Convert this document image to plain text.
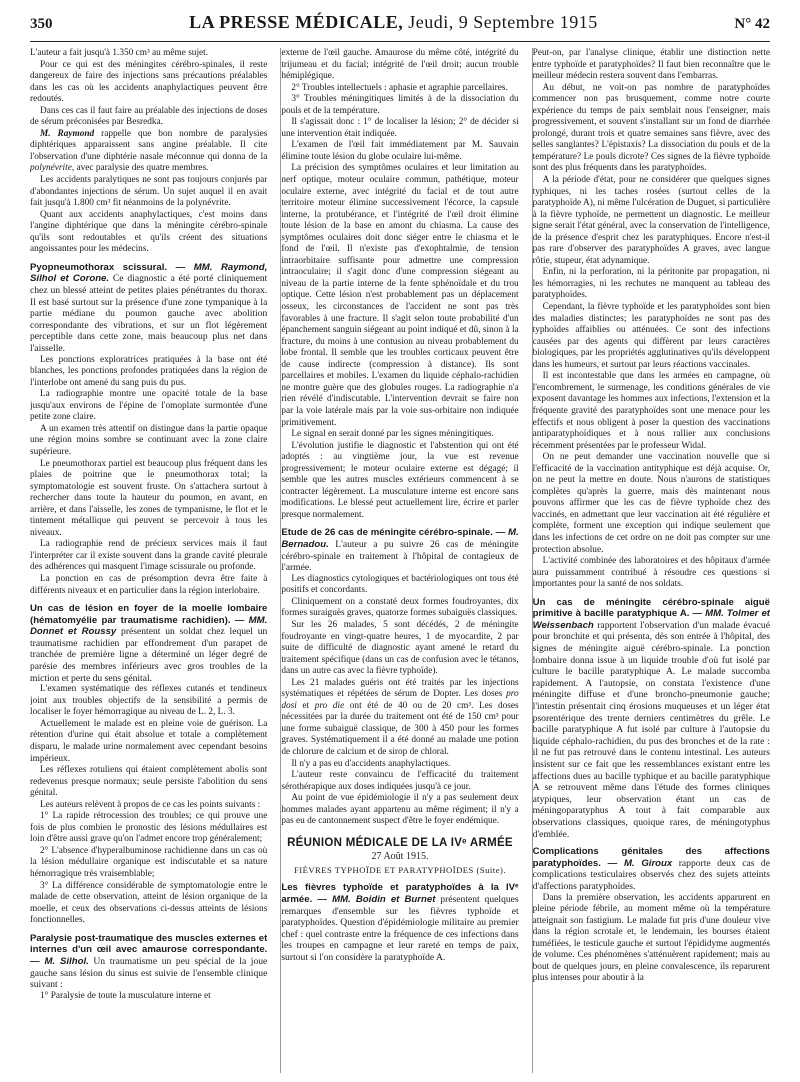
350	LA PRESSE MÉDICALE, Jeudi, 9 Septembre 1915	N° 42

L'auteur a fait jusqu'à 1.350 cm³ au même sujet.

Pour ce qui est des méningites cérébro-spinales, il reste dangereux de faire des injections sans précautions préalables dans les cas où les accidents anaphylactiques peuvent être redoutés.

Dans ces cas il faut faire au préalable des injections de doses de sérum préconisées par Besredka.

M. Raymond rappelle que bon nombre de paralysies diphtériques apparaissent sans angine préalable. Il cite l'observation d'une diphtérie nasale méconnue qui donna de la polynévrite, avec paralysie des quatre membres.

Les accidents paralytiques ne sont pas toujours conjurés par d'abondantes injections de sérum. Un sujet auquel il en avait fait jusqu'à 1.800 cm³ fit néanmoins de la polynévrite.

Quant aux accidents anaphylactiques, c'est moins dans l'angine diphtérique que dans la méningite cérébro-spinale qu'ils sont redoutables et qu'ils créent des situations angoissantes pour les médecins.

Pyopneumothorax scissural. — MM. Raymond, Silhol et Corone. Ce diagnostic a été porté cliniquement chez un blessé atteint de petites plaies pénétrantes du thorax. Il est basé surtout sur la présence d'une zone tympanique à la partie médiane du poumon gauche avec abolition correspondante des vibrations, et sur un flot légèrement perceptible dans cette zone, mais beaucoup plus net dans l'aisselle.

Les ponctions exploratrices pratiquées à la base ont été blanches, les ponctions profondes pratiquées dans la région de l'interlobe ont amené du sang puis du pus.

La radiographie montre une opacité totale de la base jusqu'aux environs de l'épine de l'omoplate surmontée d'une petite zone claire.

A un examen très attentif on distingue dans la partie opaque une région moins sombre se continuant avec la zone claire supérieure.

Le pneumothorax partiel est beaucoup plus fréquent dans les plaies de poitrine que le pneumothorax total; la symptomatologie est souvent fruste. On s'attachera surtout à rechercher dans toute la hauteur du poumon, en avant, en arrière, et dans l'aisselle, les zones de tympanisme, le flot et le tintement métallique qui peuvent se percevoir à tous les niveaux.

La radiographie rend de précieux services mais il faut l'interpréter car il existe souvent dans la grande cavité pleurale des adhérences qui masquent l'image scissurale ou profonde.

La ponction en cas de présomption devra être faite à différents niveaux et en particulier dans la région interlobaire.

Un cas de lésion en foyer de la moelle lombaire (hématomyélie par traumatisme rachidien). — MM. Donnet et Roussy présentent un soldat chez lequel un traumatisme rachidien par effondrement d'un parapet de tranchée de première ligne a déterminé un léger degré de parésie des membres inférieurs avec gros troubles de la miction et perte du sens génital.

L'examen systématique des réflexes cutanés et tendineux joint aux troubles objectifs de la sensibilité a permis de localiser le foyer hémorragique au niveau de L. 2, L. 3.

Actuellement le malade est en pleine voie de guérison. La rétention d'urine qui était absolue et totale a complètement disparu, le malade urine normalement avec cependant besoins impérieux.

Les réflexes rotuliens qui étaient complètement abolis sont redevenus presque normaux; seule persiste l'abolition du sens génital.

Les auteurs relèvent à propos de ce cas les points suivants :

1° La rapide rétrocession des troubles; ce qui prouve une fois de plus combien le pronostic des lésions médullaires est loin d'être aussi grave qu'on l'admet encore trop généralement;

2° L'absence d'hyperalbuminose rachidienne dans un cas où la lésion médullaire organique est indiscutable et sa nature hémorragique très vraisemblable;

3° La différence considérable de symptomatologie entre le malade de cette observation, atteint de lésion organique de la moelle, et ceux des observations ci-dessus atteints de lésions fonctionnelles.

Paralysie post-traumatique des muscles externes et internes d'un œil avec amaurose correspondante. — M. Silhol. Un traumatisme un peu spécial de la joue gauche sans lésion du sinus est suivie de l'ensemble clinique suivant :

1° Paralysie de toute la musculature interne et

externe de l'œil gauche. Amaurose du même côté, intégrité du trijumeau et du facial; intégrité de l'œil droit; aucun trouble hémiplégique.

2° Troubles intellectuels : aphasie et agraphie parcellaires.

3° Troubles méningitiques limités à de la dissociation du pouls et de la température.

Il s'agissait donc : 1° de localiser la lésion; 2° de décider si une intervention était indiquée.

L'examen de l'œil fait immédiatement par M. Sauvain élimine toute lésion du globe oculaire lui-même.

La précision des symptômes oculaires et leur limitation au nerf optique, moteur oculaire commun, pathétique, moteur oculaire externe, avec intégrité du facial et de tout autre territoire moteur élimine successivement l'écorce, la capsule interne, la protubérance, et l'intégrité de l'œil droit élimine toute lésion de la base en amont du chiasma. La cause des symptômes oculaires doit donc siéger entre le chiasma et le fond de l'œil. Il n'existe pas d'exophtalmie, de tension intraorbitaire suffisante pour admettre une compression intraoculaire; il s'agit donc d'une compression siégeant au niveau de la partie interne de la fente sphénoïdale et du trou optique. Cette lésion n'est probablement pas un déplacement osseux, les circonstances de l'accident ne sont pas très favorables à une fracture. Il s'agit selon toute probabilité d'un épanchement sanguin siégeant au point indiqué et dû, sinon à la fracture, du moins à une contusion au niveau probablement du lobe frontal. Il semble que les troubles corticaux peuvent être de cause indirecte (compression à distance). Ils sont parcellaires et mobiles. L'examen du liquide céphalo-rachidien ne montre guère que des globules rouges. La radiographie n'a rien révélé d'indiscutable. L'intervention devrait se faire non par la voie latérale mais par la voie sus-orbitaire non indiquée primitivement.

Le signal en serait donné par les signes méningitiques.

L'évolution justifie le diagnostic et l'abstention qui ont été adoptés : au vingtième jour, la vue est revenue progressivement; le moteur oculaire externe est dégagé; il semble que les autres muscles extérieurs commencent à se contracter légèrement. La musculature interne est encore sans modifications. Le blessé peut actuellement lire, écrire et parler presque normalement.

Etude de 26 cas de méningite cérébro-spinale. — M. Bernadou. L'auteur a pu suivre 26 cas de méningite cérébro-spinale en traitement à l'hôpital de contagieux de l'armée.

Les diagnostics cytologiques et bactériologiques ont tous été positifs et concordants.

Cliniquement on a constaté deux formes foudroyantes, dix formes suraiguës graves, quatorze formes subaiguës classiques.

Sur les 26 malades, 5 sont décédés, 2 de méningite foudroyante en vingt-quatre heures, 1 de myocardite, 2 par suite de difficulté de diagnostic ayant amené le retard du traitement spécifique (dans un cas de confusion avec le tétanos, dans un autre cas avec la fièvre typhoïde).

Les 21 malades guéris ont été traités par les injections systématiques et répétées de sérum de Dopter. Les doses pro dosi et pro die ont été de 40 ou de 20 cm³. Les doses nécessitées par la durée du traitement ont été de 150 cm³ pour une forme subaiguë classique, de 300 à 450 pour les formes graves. Systématiquement il a été donné au malade une potion de chlorure de calcium et de sirop de chloral.

Il n'y a pas eu d'accidents anaphylactiques.

L'auteur reste convaincu de l'efficacité du traitement sérothérapique aux doses indiquées jusqu'à ce jour.

Au point de vue épidémiologie il n'y a pas seulement deux hommes malades ayant appartenu au même régiment; il n'y a pas eu de cantonnement suspect d'être le foyer endémique.

RÉUNION MÉDICALE DE LA IVᵉ ARMÉE
27 Août 1915.
FIÈVRES TYPHOÏDE ET PARATYPHOÏDES (Suite).
Les fièvres typhoïde et paratyphoïdes à la IVᵉ armée. — MM. Boidin et Burnet présentent quelques remarques d'ensemble sur les fièvres typhoïde et paratyphoïdes. Question d'épidémiologie militaire au premier chef : quel contraste entre la fréquence de ces infections dans les troupes en campagne et leur rareté en temps de paix, surtout si l'on considère la paratyphoïde A.

Peut-on, par l'analyse clinique, établir une distinction nette entre typhoïde et paratyphoïdes? Il faut bien reconnaître que le meilleur médecin restera souvent dans l'embarras.

Au début, ne voit-on pas nombre de paratyphoïdes commencer non pas brusquement, comme notre courte expérience du temps de paix semblait nous l'enseigner, mais progressivement, et souvent s'installant sur un fond de diarrhée prolongé, durant trois et quatre semaines sans fièvre, avec des selles sanglantes? L'épistaxis? La dissociation du pouls et de la température? Le pouls dicrote? Ces signes de la fièvre typhoïde sont des plus fréquents dans les paratyphoïdes.

A la période d'état, pour ne considérer que quelques signes typhiques, ni les taches rosées (surtout celles de la paratyphoïde A), ni même l'ulcération de Duguet, si particulière à la fièvre typhoïde, ne permettent un diagnostic. Le meilleur signe serait l'état général, avec la conservation de l'intelligence, de la présence d'esprit chez les paratyphiques. Encore n'est-il pas rare d'observer des paratyphoïdes A graves, avec langue rôtie, stupeur, état adynamique.

Enfin, ni la perforation, ni la péritonite par propagation, ni les hémorragies, ni les rechutes ne manquent au tableau des paratyphoïdes.

Cependant, la fièvre typhoïde et les paratyphoïdes sont bien des maladies distinctes; les paratyphoïdes ne sont pas des typhoïdes affaiblies ou atténuées. Ce sont des infections causées par des agents qui diffèrent par leurs caractères biologiques, par les propriétés agglutinatives qu'ils développent dans les humeurs, et surtout par leurs réactions vaccinales.

Il est incontestable que dans les armées en campagne, où l'encombrement, le surmenage, les conditions générales de vie exposent davantage les hommes aux infections, l'extension et la fréquente gravité des paratyphoïdes sont une menace pour les effectifs et nous obligent à poser la question des vaccinations antiparatyphoïdiques et à nous rallier aux conclusions récemment présentées par le professeur Widal.

On ne peut demander une vaccination nouvelle que si l'efficacité de la vaccination antityphique est déjà acquise. Or, on ne peut la mettre en doute. Nous n'aurons de statistiques complètes qu'après la guerre, mais dès maintenant nous pouvons affirmer que les cas de fièvre typhoïde chez des vaccinés, en admettant que leur vaccination ait été régulière et complète, forment une exception qui indique seulement que dans les infections de cet ordre on ne doit pas compter sur une protection absolue.

L'activité combinée des laboratoires et des hôpitaux d'armée aura puissamment contribué à résoudre ces questions si importantes pour la santé de nos soldats.

Un cas de méningite cérébro-spinale aiguë primitive à bacille paratyphique A. — MM. Tolmer et Weissenbach rapportent l'observation d'un malade évacué pour bronchite et qui présenta, dès son entrée à l'hôpital, des signes de méningite aiguë cérébro-spinale. La ponction lombaire donna issue à un liquide trouble d'où fut isolé par culture le bacille paratyphique A. Le malade succomba rapidement. A l'autopsie, on constata l'existence d'une méningite diffuse et d'une broncho-pneumonie gauche; l'intestin présentait cinq érosions muqueuses et un léger état psorentérique des trente derniers centimètres du grêle. Le bacille paratyphique A fut isolé par culture à l'autopsie du liquide céphalo-rachidien, du pus des bronches et de la rate : il ne fut pas retrouvé dans le contenu intestinal. Les auteurs insistent sur ce fait que les ressemblances existant entre les affections dues au bacille typhique et au bacille paratyphique A se retrouvent même dans l'étude des formes cliniques atypiques, leur observation étant un cas de méningoparatyphus A tout à fait comparable aux observations classiques, quoique rares, de méningotyphus d'emblée.
Complications génitales des affections paratyphoïdes. — M. Giroux rapporte deux cas de complications testiculaires observés chez des sujets atteints d'affections paratyphoïdes.

Dans la première observation, les accidents apparurent en pleine période fébrile, au moment même où la température atteignait son fastigium. Le malade fut pris d'une douleur vive dans la région scrotale et, le lendemain, les bourses étaient tuméfiées, le testicule gauche et surtout l'épididyme augmentés de volume. Ces phénomènes s'atténuèrent rapidement; mais au bout de quelques jours, en pleine convalescence, ils reparurent plus intenses pour aboutir à la
